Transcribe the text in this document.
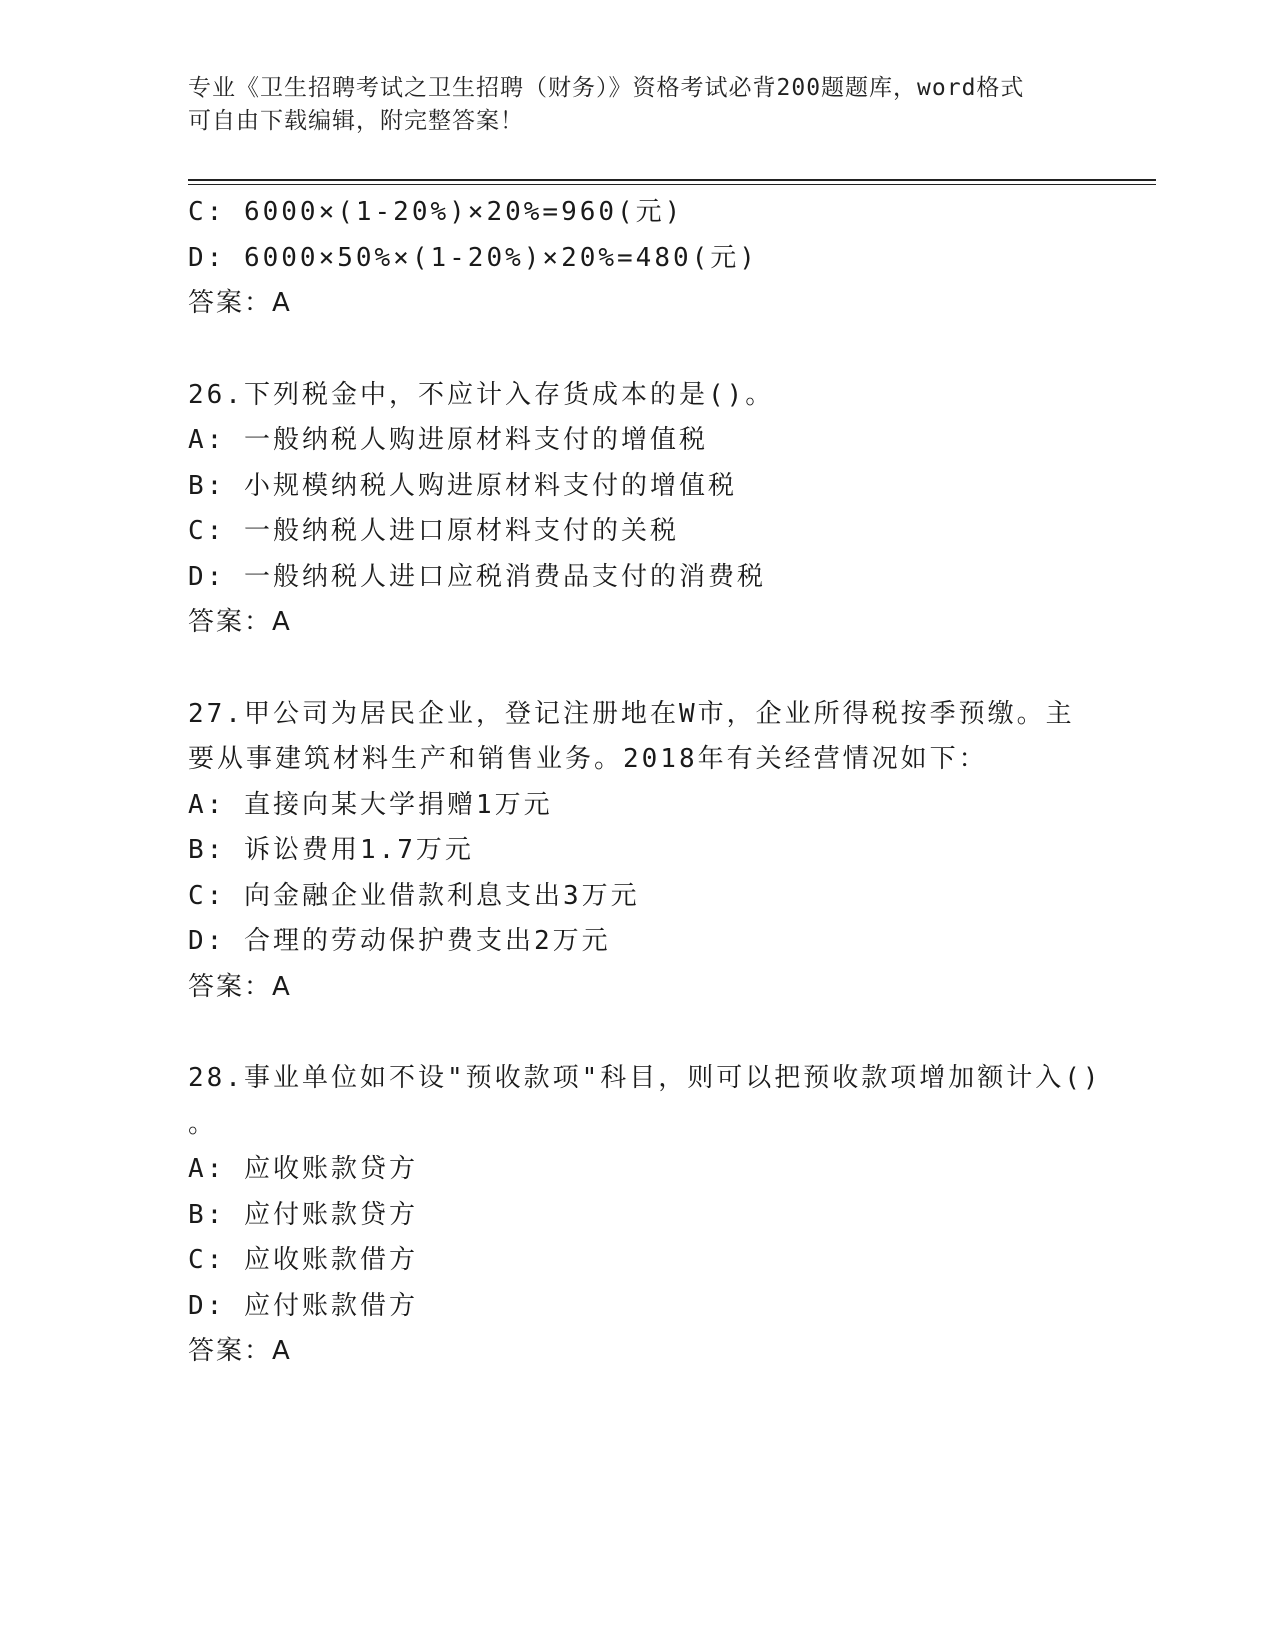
专业《卫生招聘考试之卫生招聘（财务）》资格考试必背200题题库，word格式
可自由下载编辑，附完整答案！
C: 6000×(1-20%)×20%=960(元)
D: 6000×50%×(1-20%)×20%=480(元)
答案：A
26.下列税金中，不应计入存货成本的是()。
A: 一般纳税人购进原材料支付的增值税
B: 小规模纳税人购进原材料支付的增值税
C: 一般纳税人进口原材料支付的关税
D: 一般纳税人进口应税消费品支付的消费税
答案：A
27.甲公司为居民企业，登记注册地在W市，企业所得税按季预缴。主
要从事建筑材料生产和销售业务。2018年有关经营情况如下：
A: 直接向某大学捐赠1万元
B: 诉讼费用1.7万元
C: 向金融企业借款利息支出3万元
D: 合理的劳动保护费支出2万元
答案：A
28.事业单位如不设"预收款项"科目，则可以把预收款项增加额计入()
。
A: 应收账款贷方
B: 应付账款贷方
C: 应收账款借方
D: 应付账款借方
答案：A
